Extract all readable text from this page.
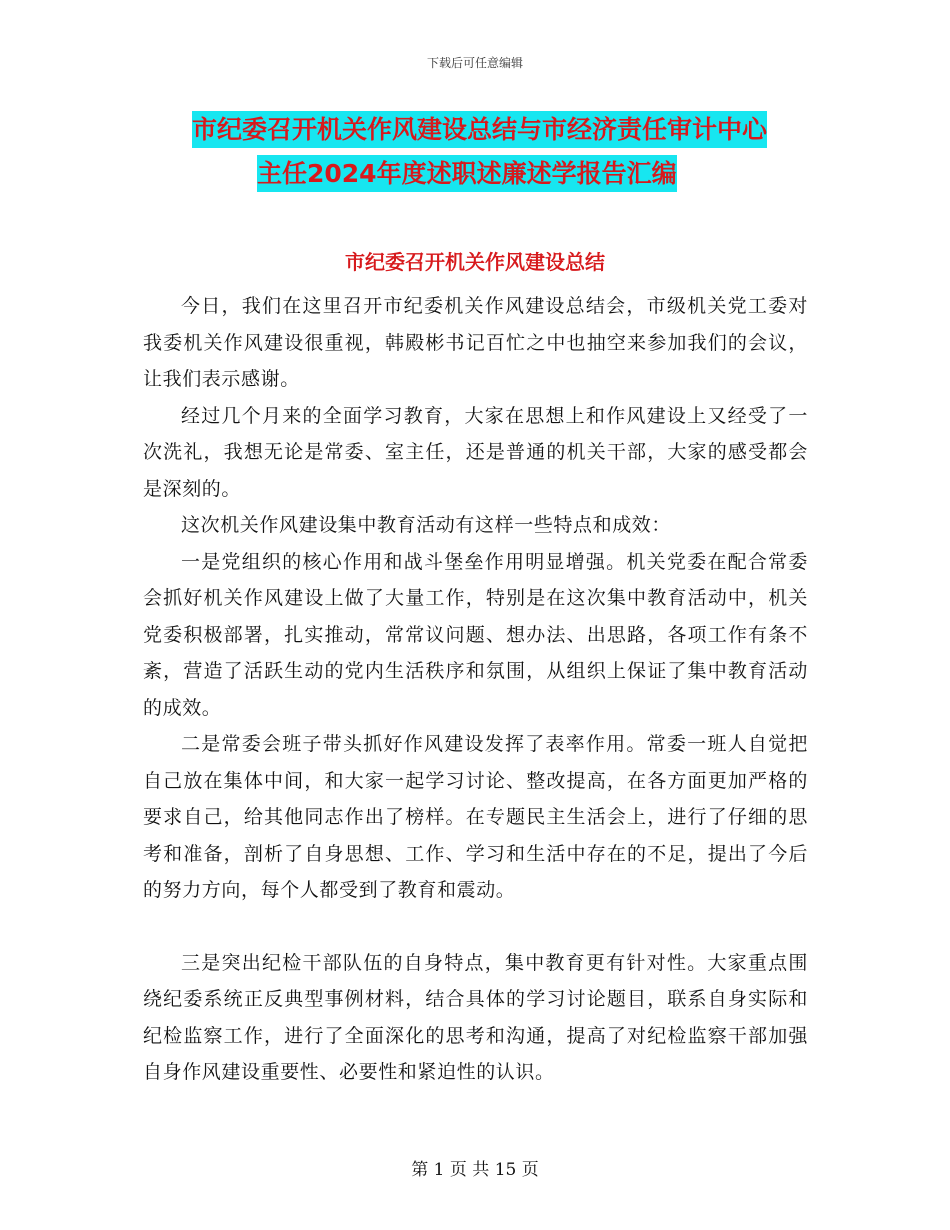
下载后可任意编辑
市纪委召开机关作风建设总结与市经济责任审计中心
主任2024年度述职述廉述学报告汇编
市纪委召开机关作风建设总结

今日，我们在这里召开市纪委机关作风建设总结会，市级机关党工委对我委机关作风建设很重视，韩殿彬书记百忙之中也抽空来参加我们的会议，让我们表示感谢。

经过几个月来的全面学习教育，大家在思想上和作风建设上又经受了一次洗礼，我想无论是常委、室主任，还是普通的机关干部，大家的感受都会是深刻的。

这次机关作风建设集中教育活动有这样一些特点和成效：

一是党组织的核心作用和战斗堡垒作用明显增强。机关党委在配合常委会抓好机关作风建设上做了大量工作，特别是在这次集中教育活动中，机关党委积极部署，扎实推动，常常议问题、想办法、出思路，各项工作有条不紊，营造了活跃生动的党内生活秩序和氛围，从组织上保证了集中教育活动的成效。

二是常委会班子带头抓好作风建设发挥了表率作用。常委一班人自觉把自己放在集体中间，和大家一起学习讨论、整改提高，在各方面更加严格的要求自己，给其他同志作出了榜样。在专题民主生活会上，进行了仔细的思考和准备，剖析了自身思想、工作、学习和生活中存在的不足，提出了今后的努力方向，每个人都受到了教育和震动。

三是突出纪检干部队伍的自身特点，集中教育更有针对性。大家重点围绕纪委系统正反典型事例材料，结合具体的学习讨论题目，联系自身实际和纪检监察工作，进行了全面深化的思考和沟通，提高了对纪检监察干部加强自身作风建设重要性、必要性和紧迫性的认识。

第 1 页 共 15 页
